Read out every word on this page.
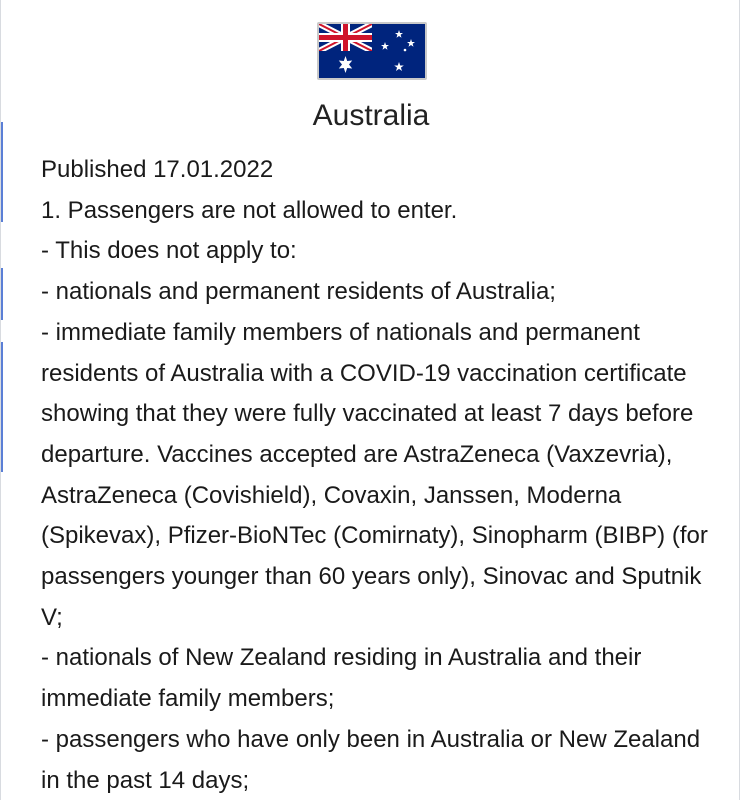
Australia

Published 17.01.2022

1. Passengers are not allowed to enter.

- This does not apply to:

- nationals and permanent residents of Australia;

- immediate family members of nationals and permanent residents of Australia with a COVID-19 vaccination certificate showing that they were fully vaccinated at least 7 days before departure. Vaccines accepted are AstraZeneca (Vaxzevria), AstraZeneca (Covishield), Covaxin, Janssen, Moderna (Spikevax), Pfizer-BioNTec (Comirnaty), Sinopharm (BIBP) (for passengers younger than 60 years only), Sinovac and Sputnik V;

- nationals of New Zealand residing in Australia and their immediate family members;

- passengers who have only been in Australia or New Zealand in the past 14 days;
